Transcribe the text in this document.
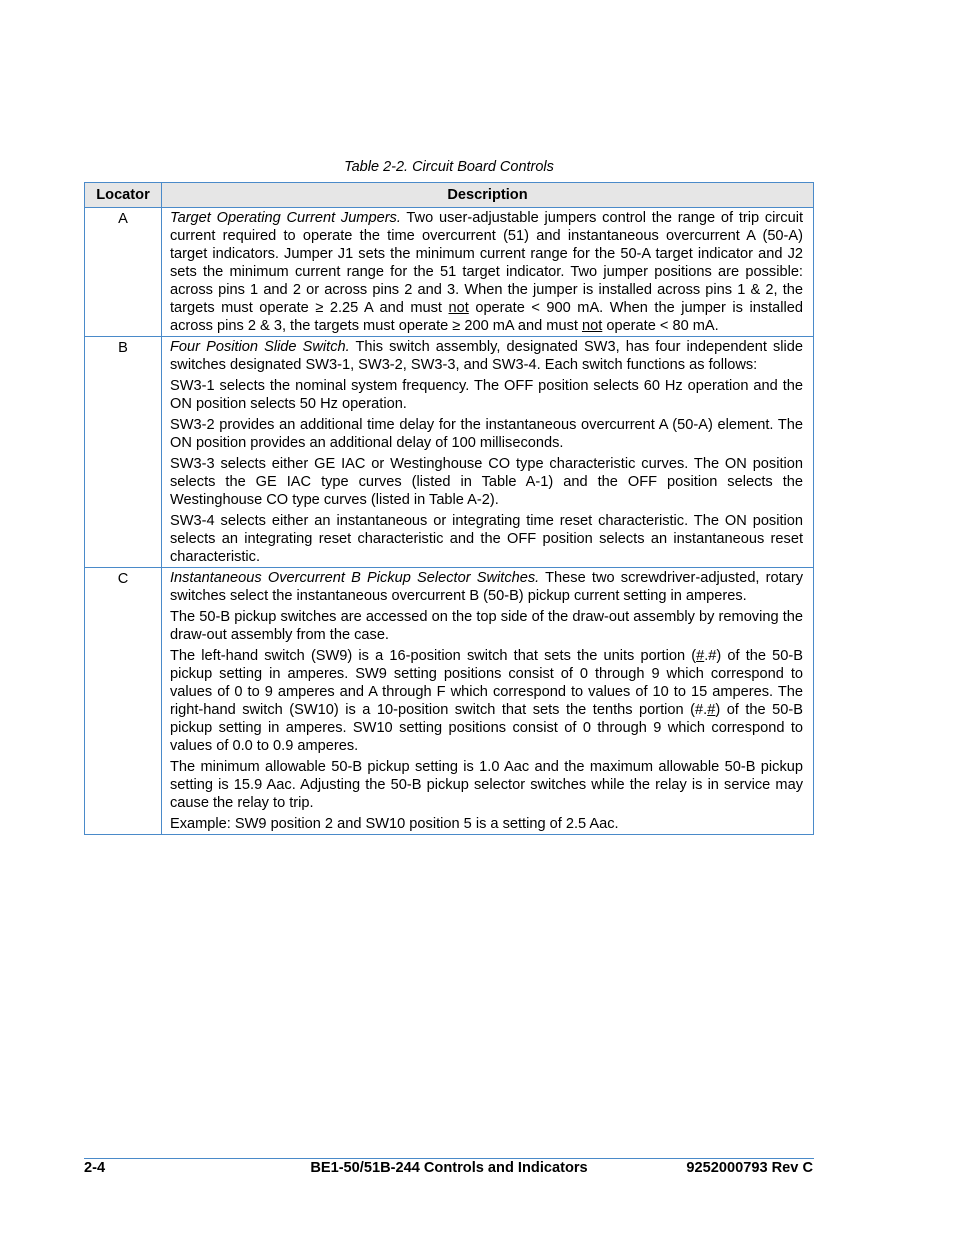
Table 2-2. Circuit Board Controls
Locator	Description
A	Target Operating Current Jumpers. Two user-adjustable jumpers control the range of trip circuit current required to operate the time overcurrent (51) and instantaneous overcurrent A (50-A) target indicators. Jumper J1 sets the minimum current range for the 50-A target indicator and J2 sets the minimum current range for the 51 target indicator. Two jumper positions are possible: across pins 1 and 2 or across pins 2 and 3. When the jumper is installed across pins 1 & 2, the targets must operate ≥ 2.25 A and must not operate < 900 mA. When the jumper is installed across pins 2 & 3, the targets must operate ≥ 200 mA and must not operate < 80 mA.

B	Four Position Slide Switch. This switch assembly, designated SW3, has four independent slide switches designated SW3-1, SW3-2, SW3-3, and SW3-4. Each switch functions as follows:

SW3-1 selects the nominal system frequency. The OFF position selects 60 Hz operation and the ON position selects 50 Hz operation.

SW3-2 provides an additional time delay for the instantaneous overcurrent A (50-A) element. The ON position provides an additional delay of 100 milliseconds.

SW3-3 selects either GE IAC or Westinghouse CO type characteristic curves. The ON position selects the GE IAC type curves (listed in Table A-1) and the OFF position selects the Westinghouse CO type curves (listed in Table A-2).

SW3-4 selects either an instantaneous or integrating time reset characteristic. The ON position selects an integrating reset characteristic and the OFF position selects an instantaneous reset characteristic.

C	Instantaneous Overcurrent B Pickup Selector Switches. These two screwdriver-adjusted, rotary switches select the instantaneous overcurrent B (50-B) pickup current setting in amperes.

The 50-B pickup switches are accessed on the top side of the draw-out assembly by removing the draw-out assembly from the case.

The left-hand switch (SW9) is a 16-position switch that sets the units portion (#.#) of the 50-B pickup setting in amperes. SW9 setting positions consist of 0 through 9 which correspond to values of 0 to 9 amperes and A through F which correspond to values of 10 to 15 amperes. The right-hand switch (SW10) is a 10-position switch that sets the tenths portion (#.#) of the 50-B pickup setting in amperes. SW10 setting positions consist of 0 through 9 which correspond to values of 0.0 to 0.9 amperes.

The minimum allowable 50-B pickup setting is 1.0 Aac and the maximum allowable 50-B pickup setting is 15.9 Aac. Adjusting the 50-B pickup selector switches while the relay is in service may cause the relay to trip.

Example: SW9 position 2 and SW10 position 5 is a setting of 2.5 Aac.

2-4	BE1-50/51B-244 Controls and Indicators	9252000793 Rev C
